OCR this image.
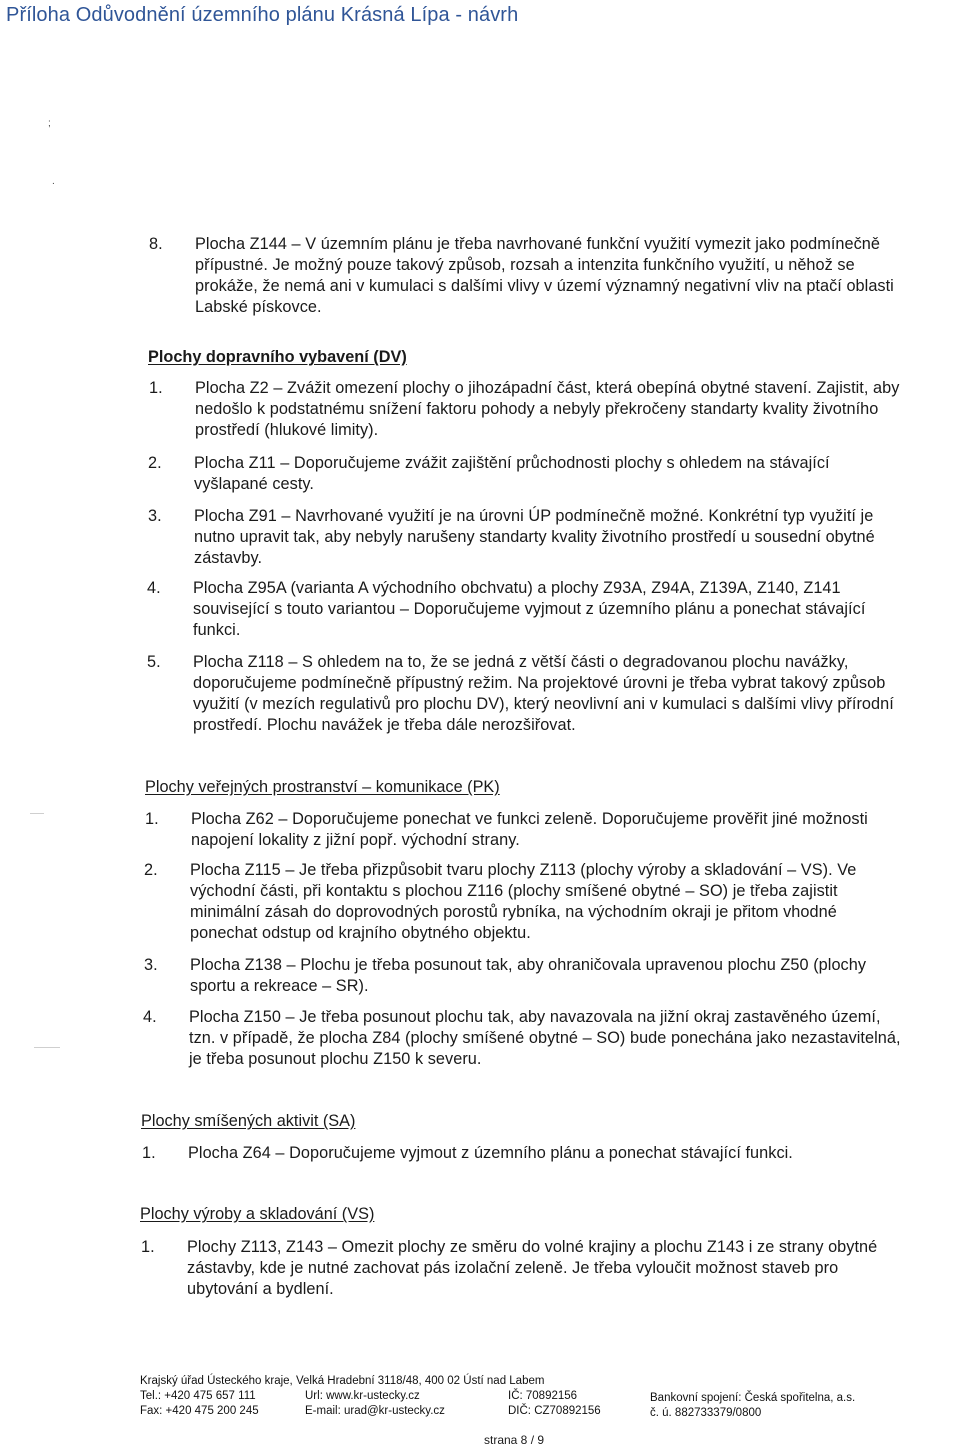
Příloha Odůvodnění územního plánu Krásná Lípa - návrh
;
.
8. Plocha Z144 – V územním plánu je třeba navrhované funkční využití vymezit jako podmínečně přípustné. Je možný pouze takový způsob, rozsah a intenzita funkčního využití, u něhož se prokáže, že nemá ani v kumulaci s dalšími vlivy v území významný negativní vliv na ptačí oblasti Labské pískovce.
Plochy dopravního vybavení (DV)
1. Plocha Z2 – Zvážit omezení plochy o jihozápadní část, která obepíná obytné stavení. Zajistit, aby nedošlo k podstatnému snížení faktoru pohody a nebyly překročeny standarty kvality životního prostředí (hlukové limity).
2. Plocha Z11 – Doporučujeme zvážit zajištění průchodnosti plochy s ohledem na stávající vyšlapané cesty.
3. Plocha Z91 – Navrhované využití je na úrovni ÚP podmínečně možné. Konkrétní typ využití je nutno upravit tak, aby nebyly narušeny standarty kvality životního prostředí u sousední obytné zástavby.
4. Plocha Z95A (varianta A východního obchvatu) a plochy Z93A, Z94A, Z139A, Z140, Z141 související s touto variantou – Doporučujeme vyjmout z územního plánu a ponechat stávající funkci.
5. Plocha Z118 – S ohledem na to, že se jedná z větší části o degradovanou plochu navážky, doporučujeme podmínečně přípustný režim. Na projektové úrovni je třeba vybrat takový způsob využití (v mezích regulativů pro plochu DV), který neovlivní ani v kumulaci s dalšími vlivy přírodní prostředí. Plochu navážek je třeba dále nerozšiřovat.
Plochy veřejných prostranství – komunikace (PK)
1. Plocha Z62 – Doporučujeme ponechat ve funkci zeleně. Doporučujeme prověřit jiné možnosti napojení lokality z jižní popř. východní strany.
2. Plocha Z115 – Je třeba přizpůsobit tvaru plochy Z113 (plochy výroby a skladování – VS). Ve východní části, při kontaktu s plochou Z116 (plochy smíšené obytné – SO) je třeba zajistit minimální zásah do doprovodných porostů rybníka, na východním okraji je přitom vhodné ponechat odstup od krajního obytného objektu.
3. Plocha Z138 – Plochu je třeba posunout tak, aby ohraničovala upravenou plochu Z50 (plochy sportu a rekreace – SR).
4. Plocha Z150 – Je třeba posunout plochu tak, aby navazovala na jižní okraj zastavěného území, tzn. v případě, že plocha Z84 (plochy smíšené obytné – SO) bude ponechána jako nezastavitelná, je třeba posunout plochu Z150 k severu.
Plochy smíšených aktivit (SA)
1. Plocha Z64 – Doporučujeme vyjmout z územního plánu a ponechat stávající funkci.
Plochy výroby a skladování (VS)
1. Plochy Z113, Z143 – Omezit plochy ze směru do volné krajiny a plochu Z143 i ze strany obytné zástavby, kde je nutné zachovat pás izolační zeleně. Je třeba vyloučit možnost staveb pro ubytování a bydlení.
Krajský úřad Ústeckého kraje, Velká Hradební 3118/48, 400 02 Ústí nad Labem
Tel.: +420 475 657 111
Fax: +420 475 200 245
Url: www.kr-ustecky.cz
E-mail: urad@kr-ustecky.cz
IČ: 70892156
DIČ: CZ70892156
Bankovní spojení: Česká spořitelna, a.s.
č. ú. 882733379/0800
strana 8 / 9
